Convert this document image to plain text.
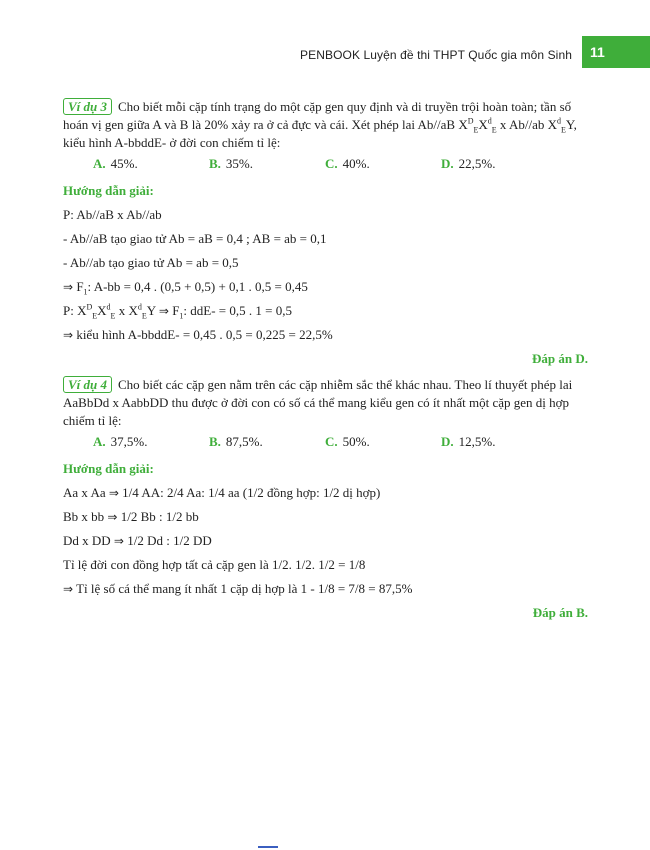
PENBOOK Luyện đề thi THPT Quốc gia môn Sinh	11
Ví dụ 3 Cho biết mỗi cặp tính trạng do một cặp gen quy định và di truyền trội hoàn toàn; tần số hoán vị gen giữa A và B là 20% xảy ra ở cả đực và cái. Xét phép lai Ab//aB $X^D_EX^d_E$ x Ab//ab $X^d_EY$, kiểu hình A-bbddE- ở đời con chiếm tỉ lệ:
A. 45%.	B. 35%.	C. 40%.	D. 22,5%.
Hướng dẫn giải:
P: Ab//aB x Ab//ab
- Ab//aB tạo giao tử Ab = aB = 0,4 ; AB = ab = 0,1
- Ab//ab tạo giao tử Ab = ab = 0,5
⇒ $F_1$: A-bb = 0,4 . (0,5 + 0,5) + 0,1 . 0,5 = 0,45
P: $X^D_EX^d_E$ x $X^d_EY$ ⇒ $F_1$: ddE- = 0,5 . 1 = 0,5
⇒ kiểu hình A-bbddE- = 0,45 . 0,5 = 0,225 = 22,5%
Đáp án D.
Ví dụ 4 Cho biết các cặp gen nằm trên các cặp nhiễm sắc thể khác nhau. Theo lí thuyết phép lai AaBbDd x AabbDD thu được ở đời con có số cá thể mang kiểu gen có ít nhất một cặp gen dị hợp chiếm tỉ lệ:
A. 37,5%.	B. 87,5%.	C. 50%.	D. 12,5%.
Hướng dẫn giải:
Aa x Aa ⇒ 1/4 AA: 2/4 Aa: 1/4 aa (1/2 đồng hợp: 1/2 dị hợp)
Bb x bb ⇒ 1/2 Bb : 1/2 bb
Dd x DD ⇒ 1/2 Dd : 1/2 DD
Tỉ lệ đời con đồng hợp tất cả cặp gen là 1/2. 1/2. 1/2 = 1/8
⇒ Tỉ lệ số cá thể mang ít nhất 1 cặp dị hợp là 1 - 1/8 = 7/8 = 87,5%
Đáp án B.
